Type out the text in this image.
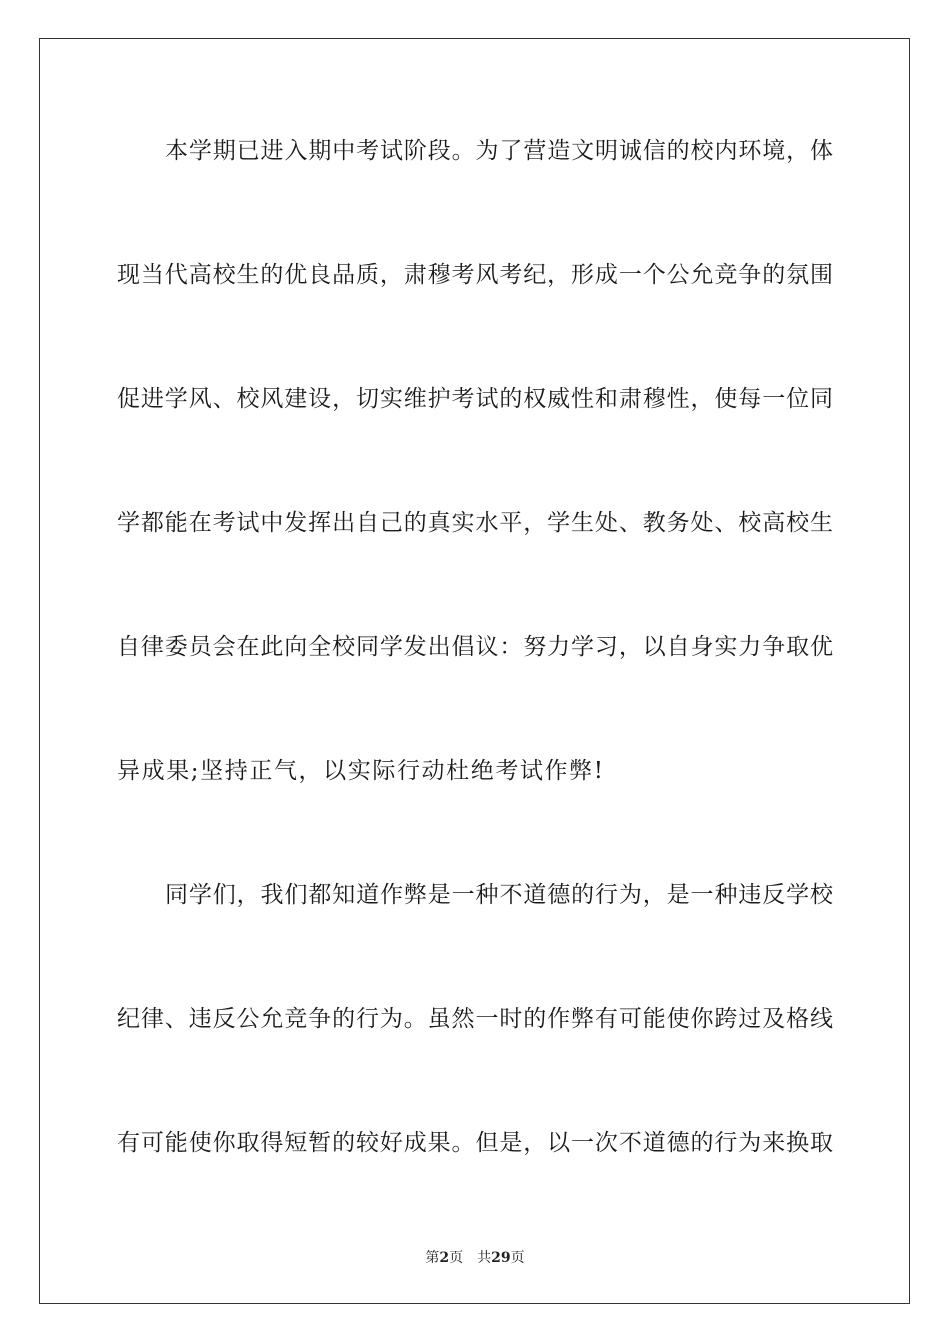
本学期已进入期中考试阶段。为了营造文明诚信的校内环境，体
现当代高校生的优良品质，肃穆考风考纪，形成一个公允竞争的氛围
促进学风、校风建设，切实维护考试的权威性和肃穆性，使每一位同
学都能在考试中发挥出自己的真实水平，学生处、教务处、校高校生
自律委员会在此向全校同学发出倡议：努力学习，以自身实力争取优
异成果;坚持正气，以实际行动杜绝考试作弊!
同学们，我们都知道作弊是一种不道德的行为，是一种违反学校
纪律、违反公允竞争的行为。虽然一时的作弊有可能使你跨过及格线
有可能使你取得短暂的较好成果。但是，以一次不道德的行为来换取
第2页 共29页
